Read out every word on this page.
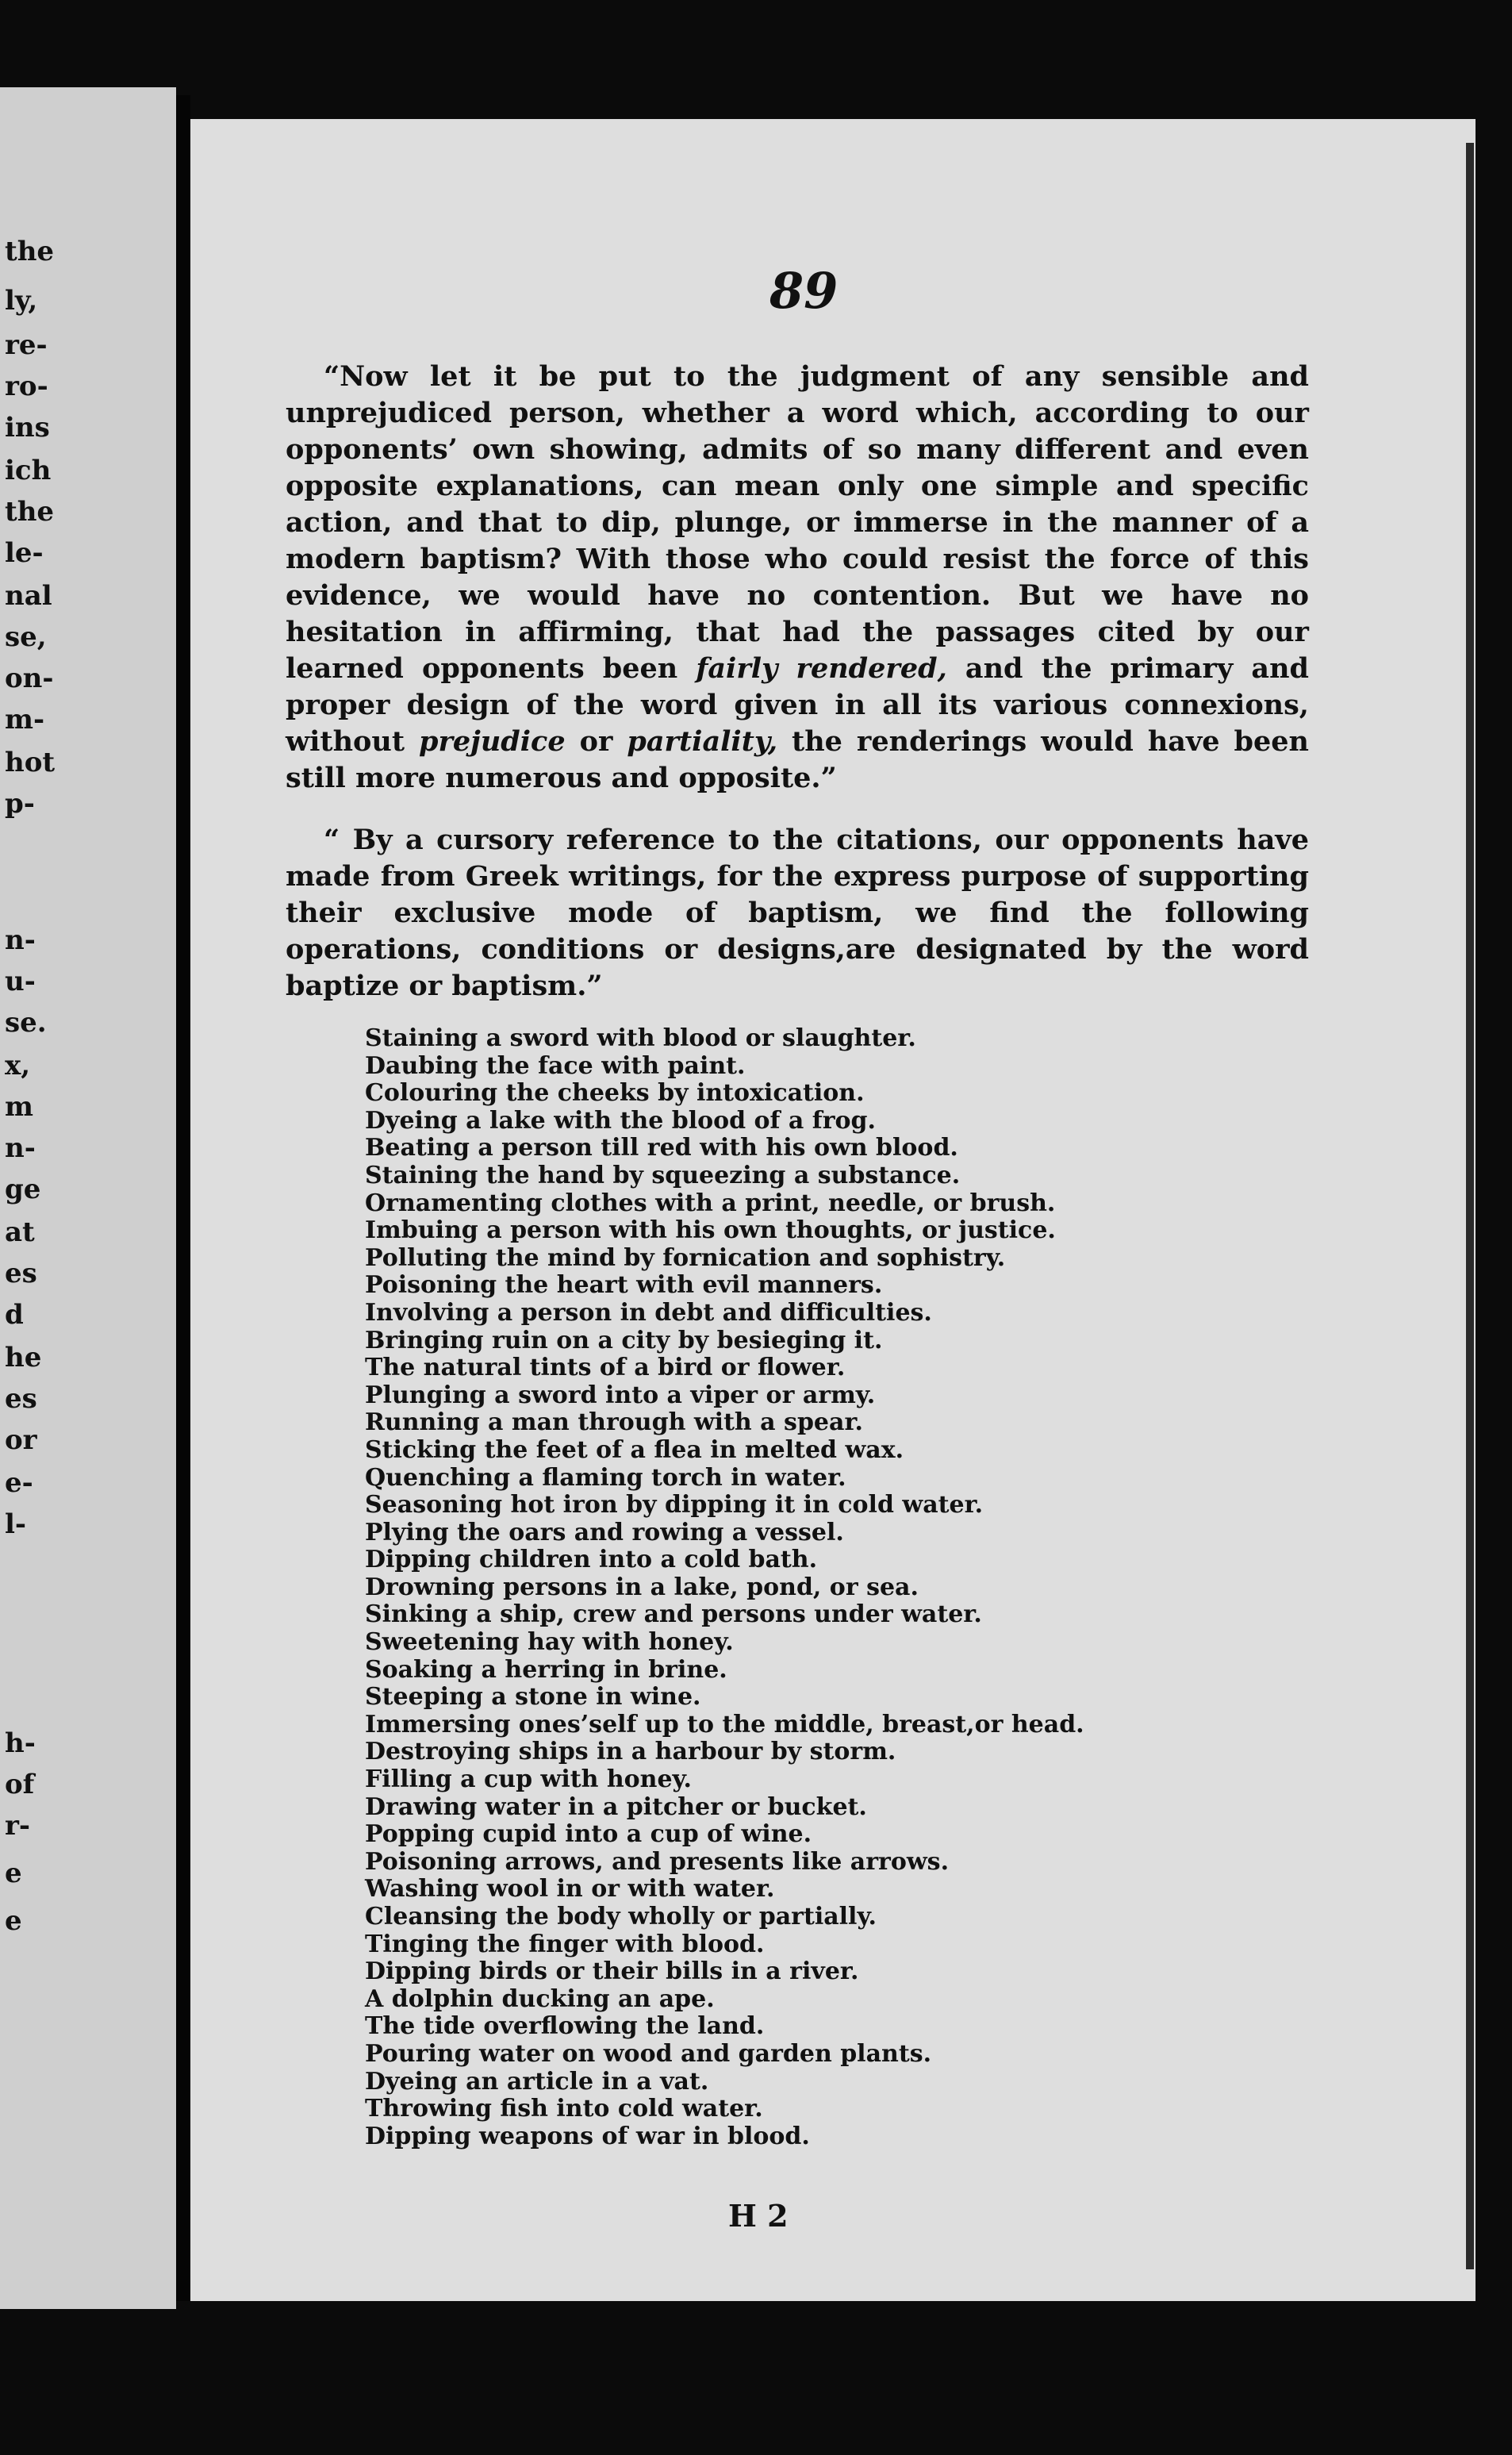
the
ly,
re-
ro-
ins
ich
the
le-
nal
se,
on-
m-
hot
p-
n-
u-
se.
x,
m
n-
ge
at
es
d
he
es
or
e-
l-
h-
of
r-
e
e
89

“Now let it be put to the judgment of any sensible and unprejudiced person, whether a word which, according to our opponents’ own showing, admits of so many different and even opposite explanations, can mean only one simple and specific action, and that to dip, plunge, or immerse in the manner of a modern baptism? With those who could resist the force of this evidence, we would have no contention. But we have no hesitation in affirming, that had the passages cited by our learned opponents been fairly rendered, and the primary and proper design of the word given in all its various connexions, without prejudice or partiality, the renderings would have been still more numerous and opposite.”

“ By a cursory reference to the citations, our opponents have made from Greek writings, for the express purpose of supporting their exclusive mode of baptism, we find the following operations, conditions or designs,are designated by the word baptize or baptism.”

Staining a sword with blood or slaughter.
Daubing the face with paint.
Colouring the cheeks by intoxication.
Dyeing a lake with the blood of a frog.
Beating a person till red with his own blood.
Staining the hand by squeezing a substance.
Ornamenting clothes with a print, needle, or brush.
Imbuing a person with his own thoughts, or justice.
Polluting the mind by fornication and sophistry.
Poisoning the heart with evil manners.
Involving a person in debt and difficulties.
Bringing ruin on a city by besieging it.
The natural tints of a bird or flower.
Plunging a sword into a viper or army.
Running a man through with a spear.
Sticking the feet of a flea in melted wax.
Quenching a flaming torch in water.
Seasoning hot iron by dipping it in cold water.
Plying the oars and rowing a vessel.
Dipping children into a cold bath.
Drowning persons in a lake, pond, or sea.
Sinking a ship, crew and persons under water.
Sweetening hay with honey.
Soaking a herring in brine.
Steeping a stone in wine.
Immersing ones’self up to the middle, breast,or head.
Destroying ships in a harbour by storm.
Filling a cup with honey.
Drawing water in a pitcher or bucket.
Popping cupid into a cup of wine.
Poisoning arrows, and presents like arrows.
Washing wool in or with water.
Cleansing the body wholly or partially.
Tinging the finger with blood.
Dipping birds or their bills in a river.
A dolphin ducking an ape.
The tide overflowing the land.
Pouring water on wood and garden plants.
Dyeing an article in a vat.
Throwing fish into cold water.
Dipping weapons of war in blood.
H 2
